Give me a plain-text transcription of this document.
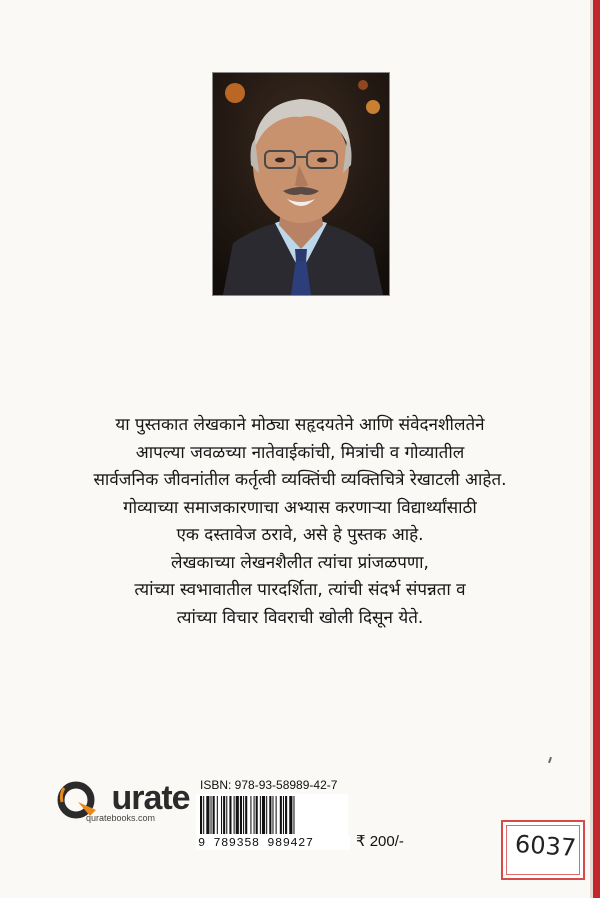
या पुस्तकात लेखकाने मोठ्या सहृदयतेने आणि संवेदनशीलतेने

आपल्या जवळच्या नातेवाईकांची, मित्रांची व गोव्यातील

सार्वजनिक जीवनांतील कर्तृत्वी व्यक्तिंची व्यक्तिचित्रे रेखाटली आहेत.

गोव्याच्या समाजकारणाचा अभ्यास करणाऱ्या विद्यार्थ्यांसाठी

एक दस्तावेज ठरावे, असे हे पुस्तक आहे.

लेखकाच्या लेखनशैलीत त्यांचा प्रांजळपणा,

त्यांच्या स्वभावातील पारदर्शिता, त्यांची संदर्भ संपन्नता व

त्यांच्या विचार विवराची खोली दिसून येते.

urate
quratebooks.com
ISBN: 978-93-58989-42-7
9 789358 989427	₹ 200/-	6037
